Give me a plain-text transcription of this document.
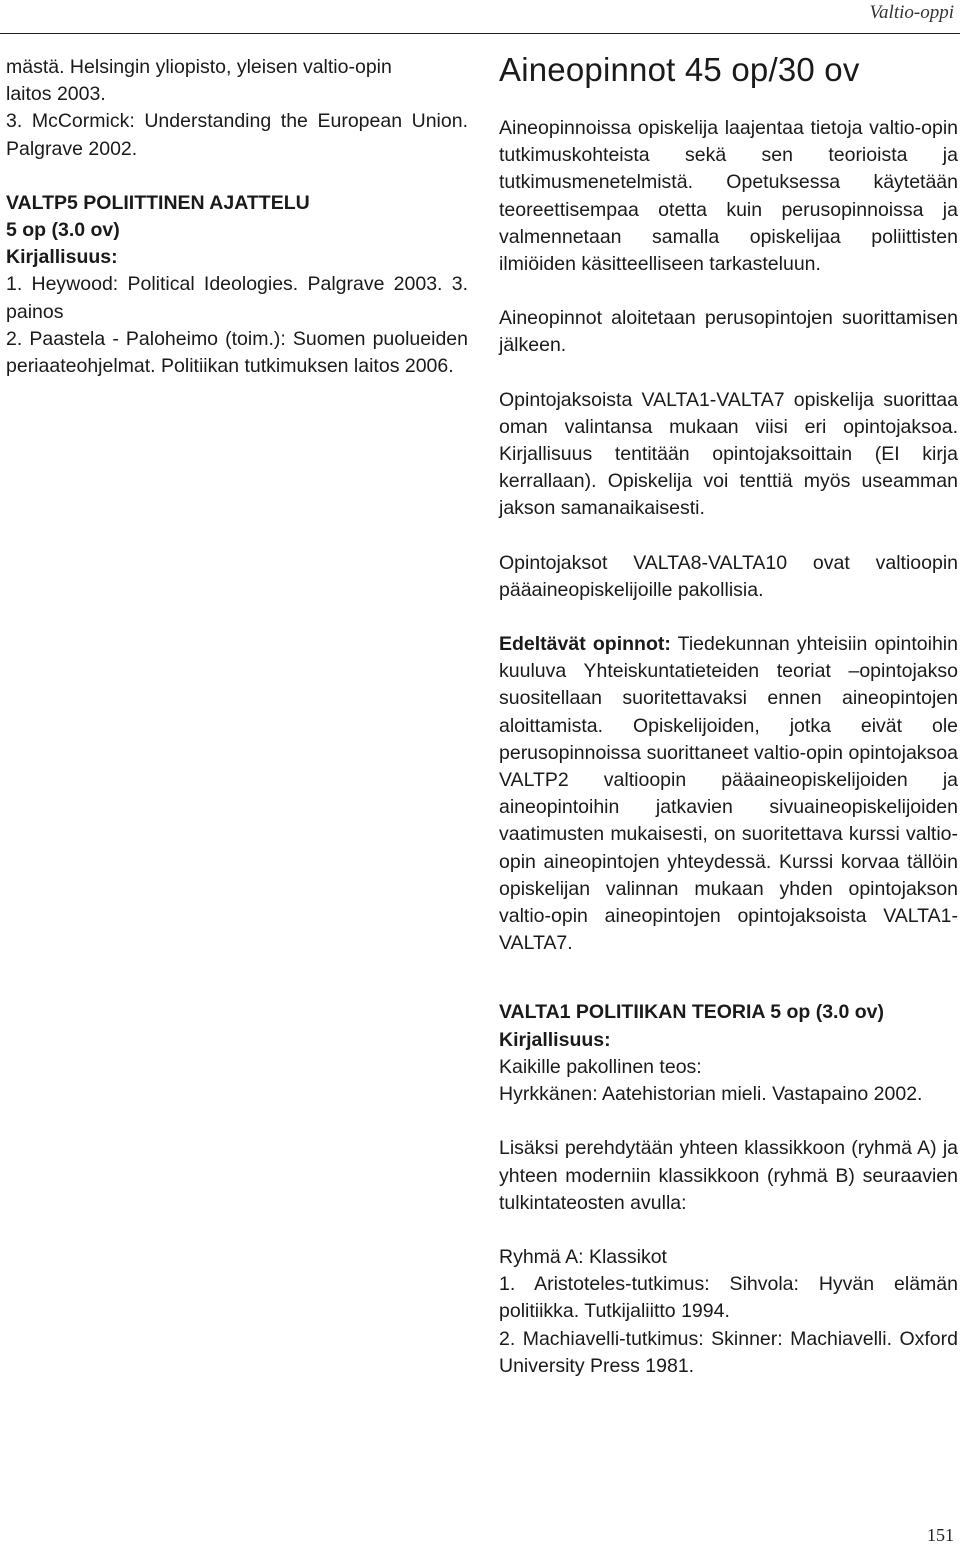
Valtio-oppi

mästä. Helsingin yliopisto, yleisen valtio-opin

laitos 2003.

3. McCormick: Understanding the European Union. Palgrave 2002.

VALTP5 POLIITTINEN AJATTELU

5 op (3.0 ov)

Kirjallisuus:

1. Heywood: Political Ideologies. Palgrave 2003. 3. painos

2. Paastela - Paloheimo (toim.): Suomen puolueiden periaateohjelmat. Politiikan tutkimuksen laitos 2006.

Aineopinnot 45 op/30 ov

Aineopinnoissa opiskelija laajentaa tietoja valtio-opin tutkimuskohteista sekä sen teorioista ja tutkimusmenetelmistä. Opetuksessa käytetään teoreettisempaa otetta kuin perusopinnoissa ja valmennetaan samalla opiskelijaa poliittisten ilmiöiden käsitteelliseen tarkasteluun.

Aineopinnot aloitetaan perusopintojen suorittamisen jälkeen.

Opintojaksoista VALTA1-VALTA7 opiskelija suorittaa oman valintansa mukaan viisi eri opintojaksoa. Kirjallisuus tentitään opintojaksoittain (EI kirja kerrallaan). Opiskelija voi tenttiä myös useamman jakson samanaikaisesti.

Opintojaksot VALTA8-VALTA10 ovat valtioopin pääaineopiskelijoille pakollisia.

Edeltävät opinnot: Tiedekunnan yhteisiin opintoihin kuuluva Yhteiskuntatieteiden teoriat –opintojakso suositellaan suoritettavaksi ennen aineopintojen aloittamista. Opiskelijoiden, jotka eivät ole perusopinnoissa suorittaneet valtio-opin opintojaksoa VALTP2 valtioopin pääaineopiskelijoiden ja aineopintoihin jatkavien sivuaineopiskelijoiden vaatimusten mukaisesti, on suoritettava kurssi valtio-opin aineopintojen yhteydessä. Kurssi korvaa tällöin opiskelijan valinnan mukaan yhden opintojakson valtio-opin aineopintojen opintojaksoista VALTA1-VALTA7.

VALTA1 POLITIIKAN TEORIA 5 op (3.0 ov)

Kirjallisuus:

Kaikille pakollinen teos:

Hyrkkänen: Aatehistorian mieli. Vastapaino 2002.

Lisäksi perehdytään yhteen klassikkoon (ryhmä A) ja yhteen moderniin klassikkoon (ryhmä B) seuraavien tulkintateosten avulla:

Ryhmä A: Klassikot

1. Aristoteles-tutkimus: Sihvola: Hyvän elämän politiikka. Tutkijaliitto 1994.

2. Machiavelli-tutkimus: Skinner: Machiavelli. Oxford University Press 1981.

151
